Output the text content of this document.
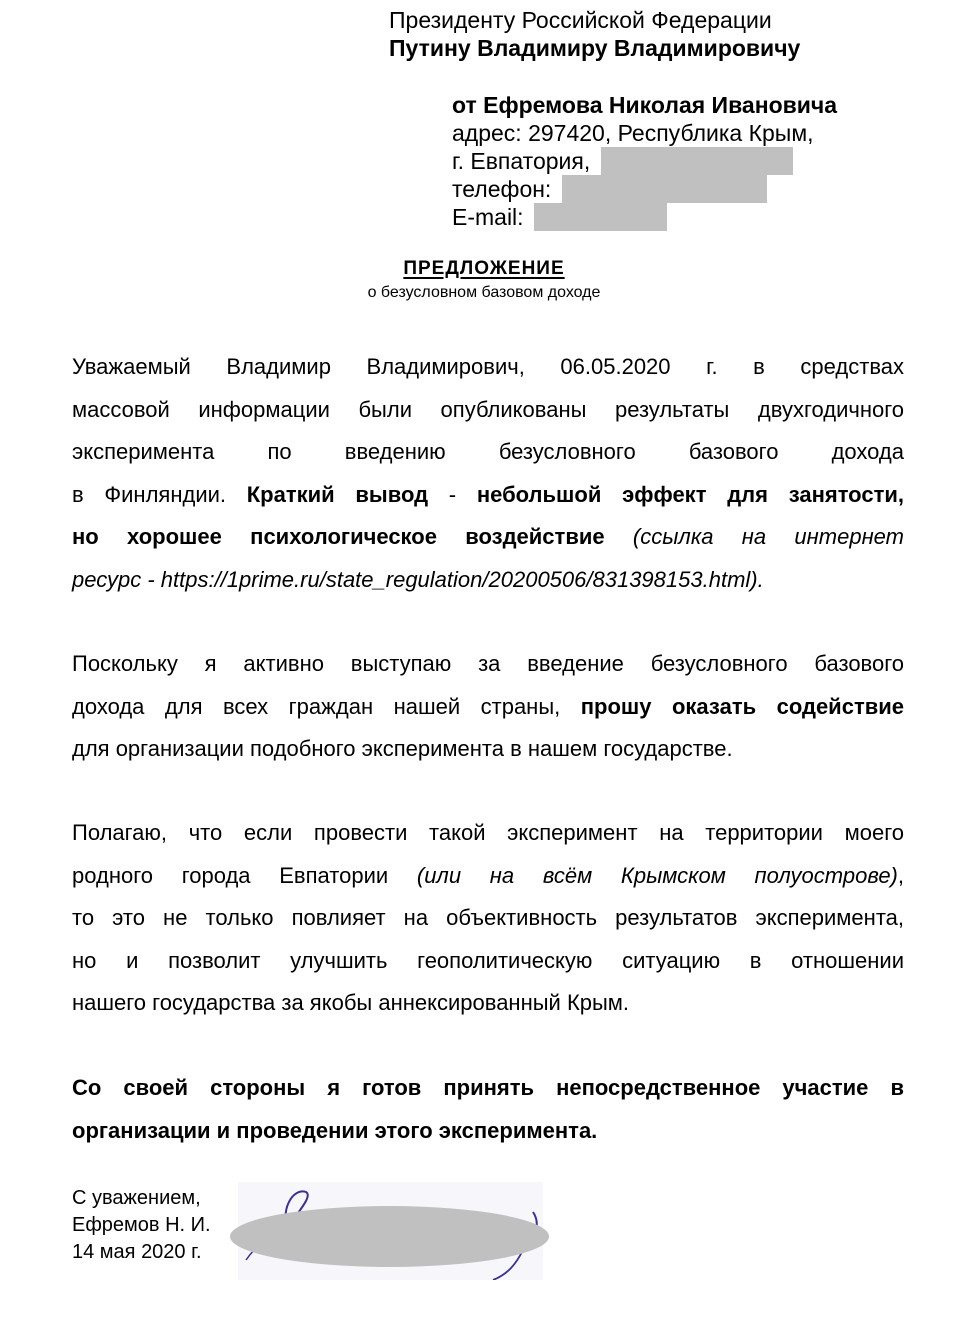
Президенту Российской Федерации
Путину Владимиру Владимировичу
от Ефремова Николая Ивановича
адрес: 297420, Республика Крым,
г. Евпатория,
телефон:
E-mail:
ПРЕДЛОЖЕНИЕ
о безусловном базовом доходе
Уважаемый Владимир Владимирович, 06.05.2020 г. в средствах
массовой информации были опубликованы результаты двухгодичного
эксперимента по введению безусловного базового дохода
в Финляндии. Краткий вывод - небольшой эффект для занятости,
но хорошее психологическое воздействие (ссылка на интернет
ресурс - https://1prime.ru/state_regulation/20200506/831398153.html).
Поскольку я активно выступаю за введение безусловного базового
дохода для всех граждан нашей страны, прошу оказать содействие
для организации подобного эксперимента в нашем государстве.
Полагаю, что если провести такой эксперимент на территории моего
родного города Евпатории (или на всём Крымском полуострове),
то это не только повлияет на объективность результатов эксперимента,
но и позволит улучшить геополитическую ситуацию в отношении
нашего государства за якобы аннексированный Крым.
Со своей стороны я готов принять непосредственное участие в
организации и проведении этого эксперимента.
С уважением,
Ефремов Н. И.
14 мая 2020 г.
